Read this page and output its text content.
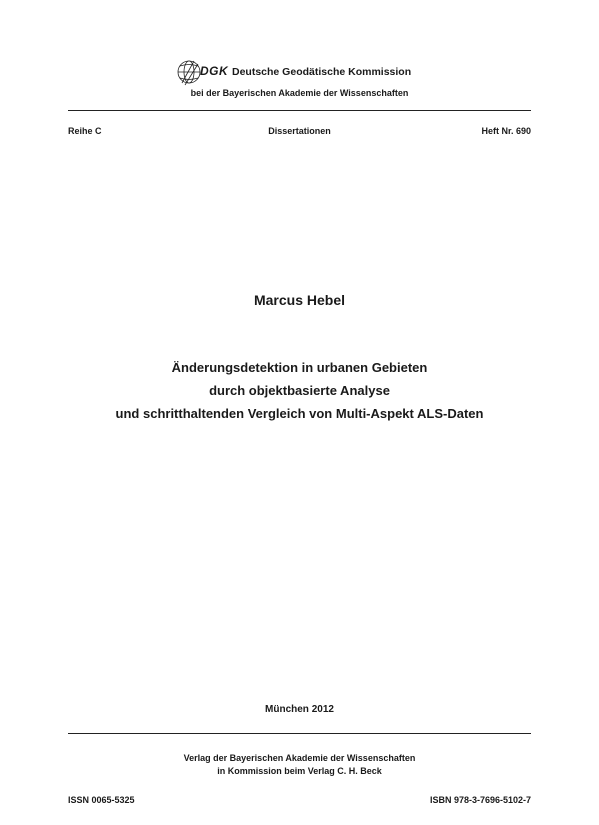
DGK Deutsche Geodätische Kommission
bei der Bayerischen Akademie der Wissenschaften
Reihe C	Dissertationen	Heft Nr. 690
Marcus Hebel
Änderungsdetektion in urbanen Gebieten
durch objektbasierte Analyse
und schritthaltenden Vergleich von Multi-Aspekt ALS-Daten
München 2012
Verlag der Bayerischen Akademie der Wissenschaften
in Kommission beim Verlag C. H. Beck
ISSN 0065-5325	ISBN 978-3-7696-5102-7
